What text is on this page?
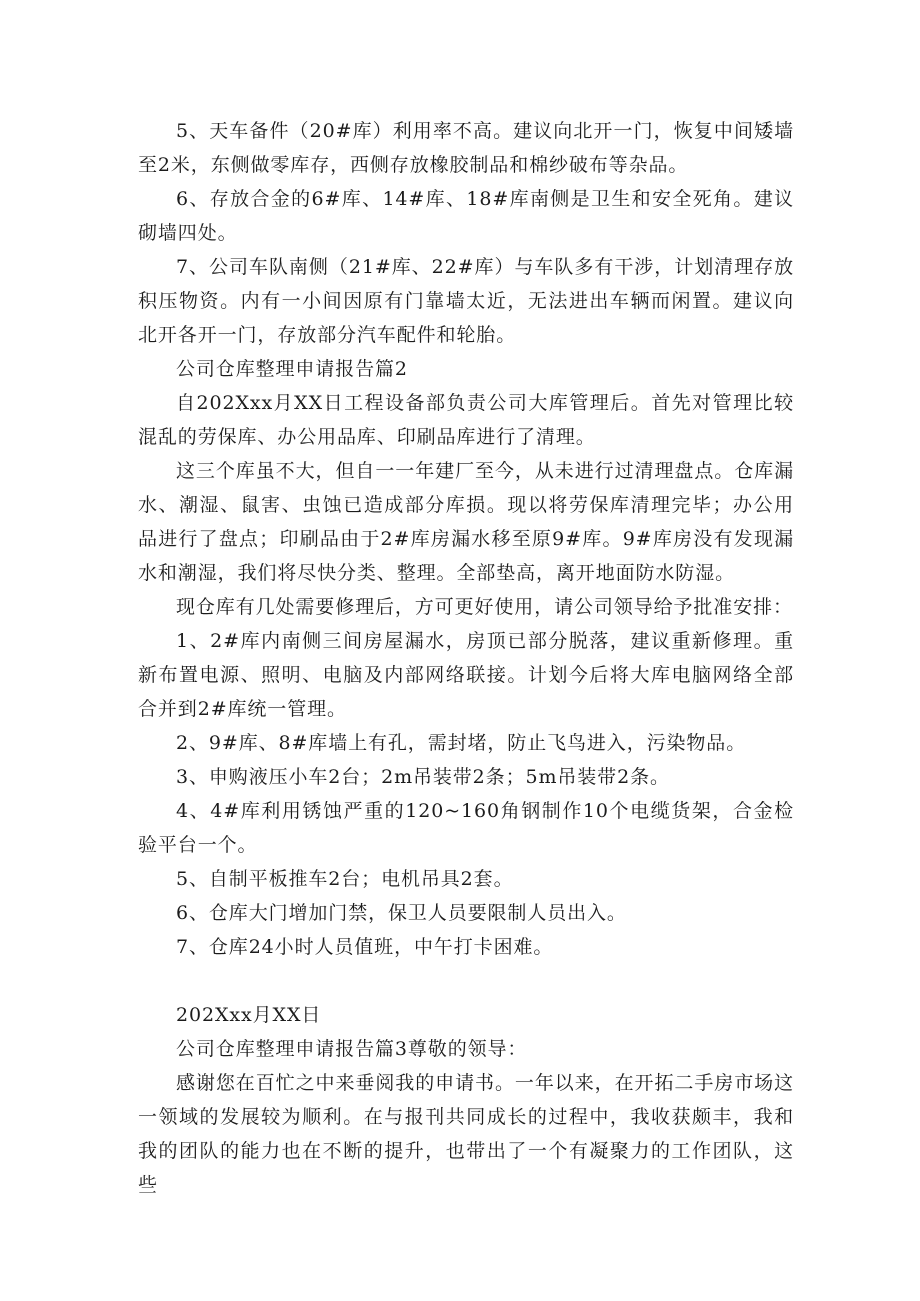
5、天车备件（20#库）利用率不高。建议向北开一门，恢复中间矮墙至2米，东侧做零库存，西侧存放橡胶制品和棉纱破布等杂品。

6、存放合金的6#库、14#库、18#库南侧是卫生和安全死角。建议砌墙四处。

7、公司车队南侧（21#库、22#库）与车队多有干涉，计划清理存放积压物资。内有一小间因原有门靠墙太近，无法进出车辆而闲置。建议向北开各开一门，存放部分汽车配件和轮胎。

公司仓库整理申请报告篇2

自202Xxx月XX日工程设备部负责公司大库管理后。首先对管理比较混乱的劳保库、办公用品库、印刷品库进行了清理。

这三个库虽不大，但自一一年建厂至今，从未进行过清理盘点。仓库漏水、潮湿、鼠害、虫蚀已造成部分库损。现以将劳保库清理完毕；办公用品进行了盘点；印刷品由于2#库房漏水移至原9#库。9#库房没有发现漏水和潮湿，我们将尽快分类、整理。全部垫高，离开地面防水防湿。

现仓库有几处需要修理后，方可更好使用，请公司领导给予批准安排：

1、2#库内南侧三间房屋漏水，房顶已部分脱落，建议重新修理。重新布置电源、照明、电脑及内部网络联接。计划今后将大库电脑网络全部合并到2#库统一管理。

2、9#库、8#库墙上有孔，需封堵，防止飞鸟进入，污染物品。

3、申购液压小车2台；2m吊装带2条；5m吊装带2条。

4、4#库利用锈蚀严重的120~160角钢制作10个电缆货架，合金检验平台一个。

5、自制平板推车2台；电机吊具2套。

6、仓库大门增加门禁，保卫人员要限制人员出入。

7、仓库24小时人员值班，中午打卡困难。

202Xxx月XX日

公司仓库整理申请报告篇3尊敬的领导：

感谢您在百忙之中来垂阅我的申请书。一年以来，在开拓二手房市场这一领域的发展较为顺利。在与报刊共同成长的过程中，我收获颇丰，我和我的团队的能力也在不断的提升，也带出了一个有凝聚力的工作团队，这些
